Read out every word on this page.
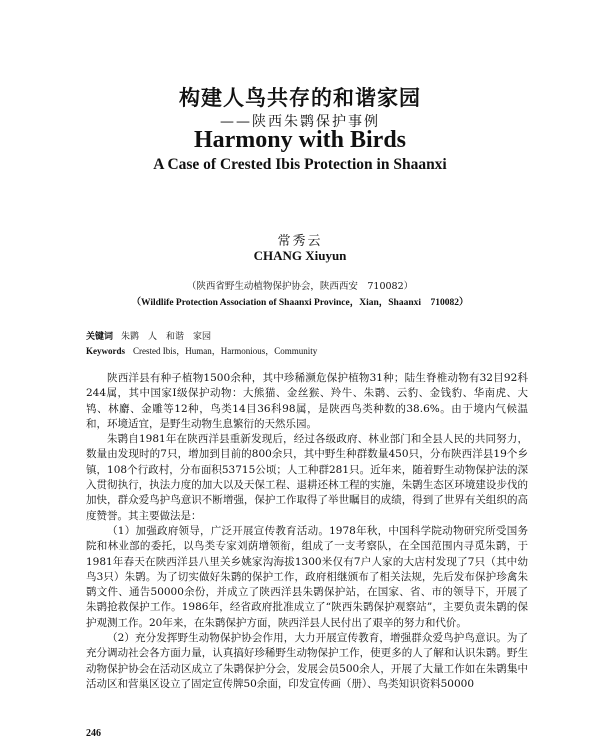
构建人鸟共存的和谐家园
——陕西朱鹮保护事例
Harmony with Birds
A Case of Crested Ibis Protection in Shaanxi
常秀云
CHANG Xiuyun
（陕西省野生动植物保护协会，陕西西安　710082）
（Wildlife Protection Association of Shaanxi Province，Xian，Shaanxi　710082）
关键词 朱鹮　人　和谐　家园
Keywords Crested Ibis，Human，Harmonious，Community

陕西洋县有种子植物1500余种，其中珍稀濒危保护植物31种；陆生脊椎动物有32目92科244属，其中国家Ⅰ级保护动物：大熊猫、金丝猴、羚牛、朱鹮、云豹、金钱豹、华南虎、大鸨、林麝、金雕等12种，鸟类14目36科98属，是陕西鸟类种数的38.6%。由于境内气候温和，环境适宜，是野生动物生息繁衍的天然乐园。

朱鹮自1981年在陕西洋县重新发现后，经过各级政府、林业部门和全县人民的共同努力，数量由发现时的7只，增加到目前的800余只，其中野生种群数量450只，分布陕西洋县19个乡镇，108个行政村，分布面积53715公顷；人工种群281只。近年来，随着野生动物保护法的深入贯彻执行，执法力度的加大以及天保工程、退耕还林工程的实施，朱鹮生态区环境建设步伐的加快，群众爱鸟护鸟意识不断增强，保护工作取得了举世瞩目的成绩，得到了世界有关组织的高度赞誉。其主要做法是：

（1）加强政府领导，广泛开展宣传教育活动。1978年秋，中国科学院动物研究所受国务院和林业部的委托，以鸟类专家刘荫增领衔，组成了一支考察队，在全国范围内寻觅朱鹮，于1981年春天在陕西洋县八里关乡姚家沟海拔1300米仅有7户人家的大店村发现了7只（其中幼鸟3只）朱鹮。为了切实做好朱鹮的保护工作，政府相继颁布了相关法规，先后发布保护珍禽朱鹮文件、通告50000余份，并成立了陕西洋县朱鹮保护站，在国家、省、市的领导下，开展了朱鹮抢救保护工作。1986年，经省政府批准成立了“陕西朱鹮保护观察站”，主要负责朱鹮的保护观测工作。20年来，在朱鹮保护方面，陕西洋县人民付出了艰辛的努力和代价。

（2）充分发挥野生动物保护协会作用，大力开展宣传教育，增强群众爱鸟护鸟意识。为了充分调动社会各方面力量，认真搞好珍稀野生动物保护工作，使更多的人了解和认识朱鹮。野生动物保护协会在活动区成立了朱鹮保护分会，发展会员500余人，开展了大量工作如在朱鹮集中活动区和营巢区设立了固定宣传牌50余面，印发宣传画（册）、鸟类知识资料50000

246
